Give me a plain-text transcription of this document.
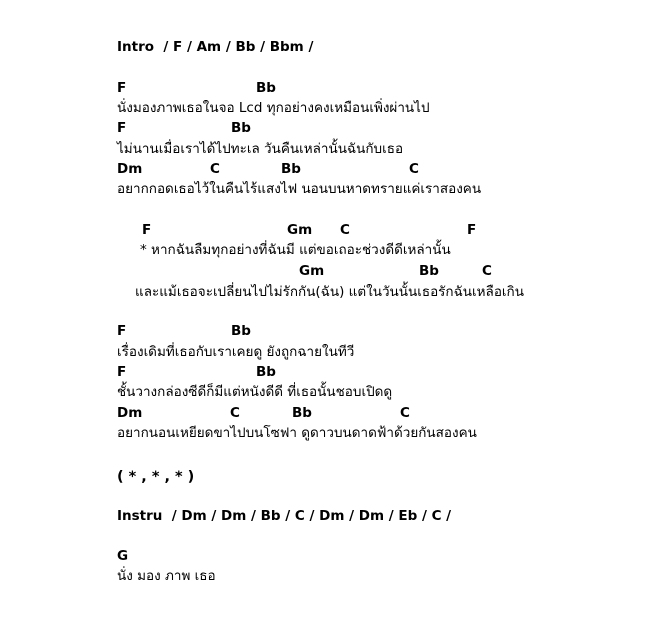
Intro  / F / Am / Bb / Bbm /
F	Bb
นั่งมองภาพเธอในจอ Lcd ทุกอย่างคงเหมือนเพิ่งผ่านไป
F	Bb
ไม่นานเมื่อเราได้ไปทะเล วันคืนเหล่านั้นฉันกับเธอ
Dm	C	Bb	C
อยากกอดเธอไว้ในคืนไร้แสงไฟ นอนบนหาดทรายแค่เราสองคน
F	Gm C	F
* หากฉันลืมทุกอย่างที่ฉันมี แต่ขอเถอะช่วงดีดีเหล่านั้น
Gm	Bb	C
และแม้เธอจะเปลี่ยนไปไม่รักกัน(ฉัน) แต่ในวันนั้นเธอรักฉันเหลือเกิน
F	Bb
เรื่องเดิมที่เธอกับเราเคยดู ยังถูกฉายในทีวี
F	Bb
ชั้นวางกล่องซีดีก็มีแต่หนังดีดี ที่เธอนั้นชอบเปิดดู
Dm	C	Bb	C
อยากนอนเหยียดขาไปบนโซฟา ดูดาวบนดาดฟ้าด้วยกันสองคน
( * , * , * )
Instru  / Dm / Dm / Bb / C / Dm / Dm / Eb / C /
G
นั่ง มอง ภาพ เธอ
